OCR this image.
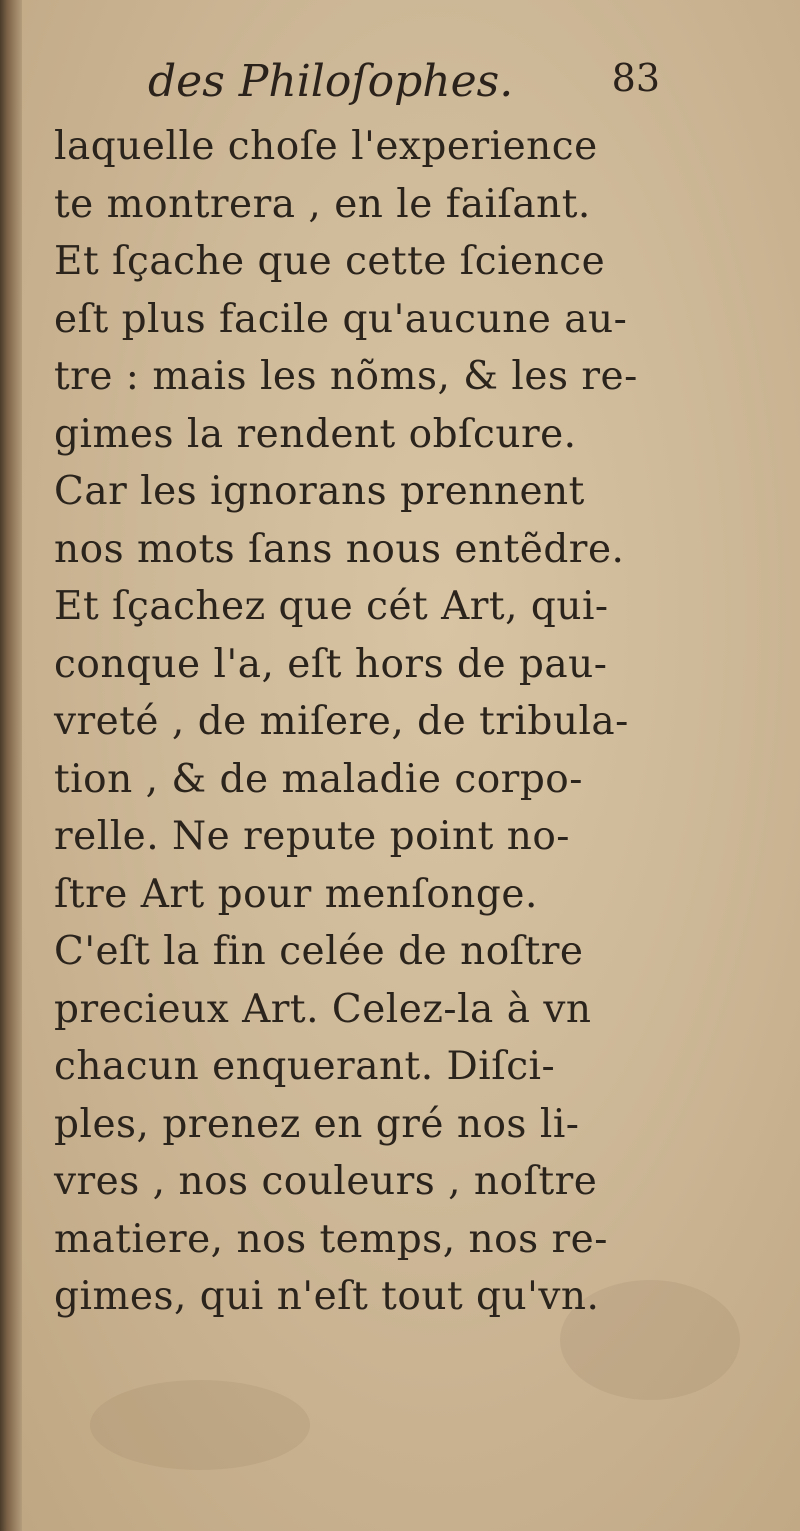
des Philoſophes.	83
laquelle choſe l'experience
te montrera , en le faiſant.
Et ſçache que cette ſcience
eſt plus facile qu'aucune au-
tre : mais les nõms, & les re-
gimes la rendent obſcure.
Car les ignorans prennent
nos mots ſans nous entẽdre.
Et ſçachez que cét Art, qui-
conque l'a, eſt hors de pau-
vreté , de miſere, de tribula-
tion , & de maladie corpo-
relle. Ne repute point no-
ſtre Art pour menſonge.
C'eſt la fin celée de noſtre
precieux Art. Celez-la à vn
chacun enquerant. Diſci-
ples, prenez en gré nos li-
vres , nos couleurs , noſtre
matiere, nos temps, nos re-
gimes, qui n'eſt tout qu'vn.
